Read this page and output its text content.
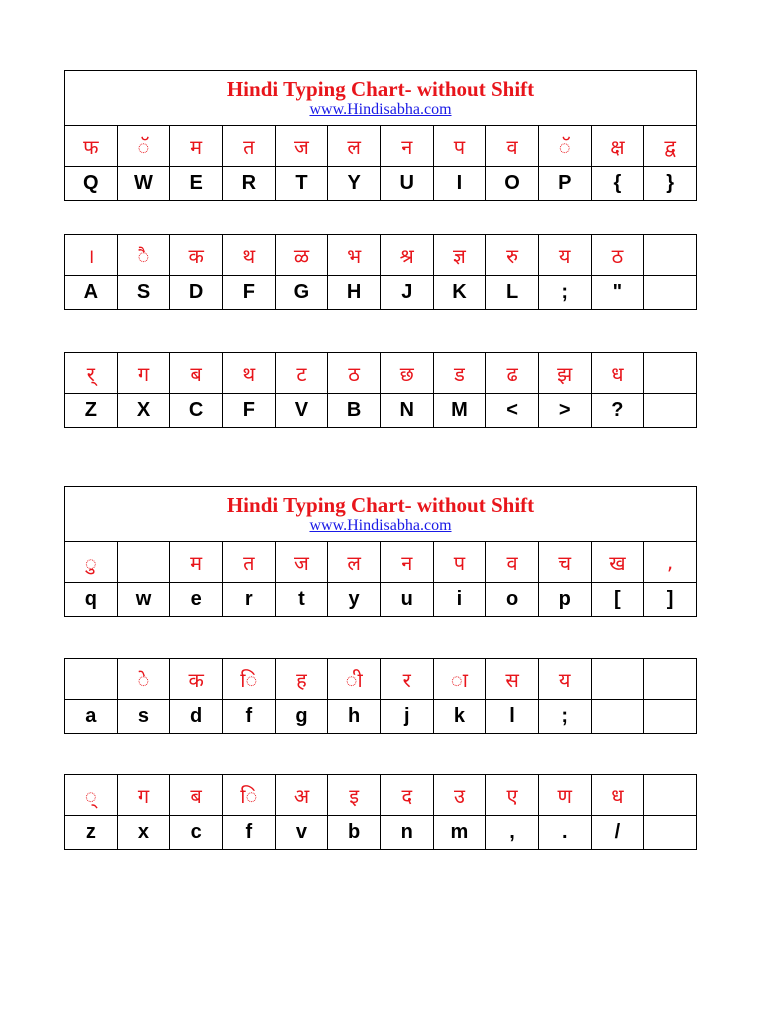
Hindi Typing Chart- without Shift
www.Hindisabha.com											
फ	ॅ	म	त	ज	ल	न	प	व	ॅ	क्ष	द्व
Q	W	E	R	T	Y	U	I	O	P	{	}
।	ै	क	थ	ळ	भ	श्र	ज्ञ	रु	य	ठ	
A	S	D	F	G	H	J	K	L	;	"	
र्	ग	ब	थ	ट	ठ	छ	ड	ढ	झ	ध	
Z	X	C	F	V	B	N	M	<	>	?	
Hindi Typing Chart- without Shift
www.Hindisabha.com											
ु		म	त	ज	ल	न	प	व	च	ख	,
q	w	e	r	t	y	u	i	o	p	[	]
	े	क	ि	ह	ी	र	ा	स	य		
a	s	d	f	g	h	j	k	l	;		
्	ग	ब	ि	अ	इ	द	उ	ए	ण	ध	
z	x	c	f	v	b	n	m	,	.	/	
